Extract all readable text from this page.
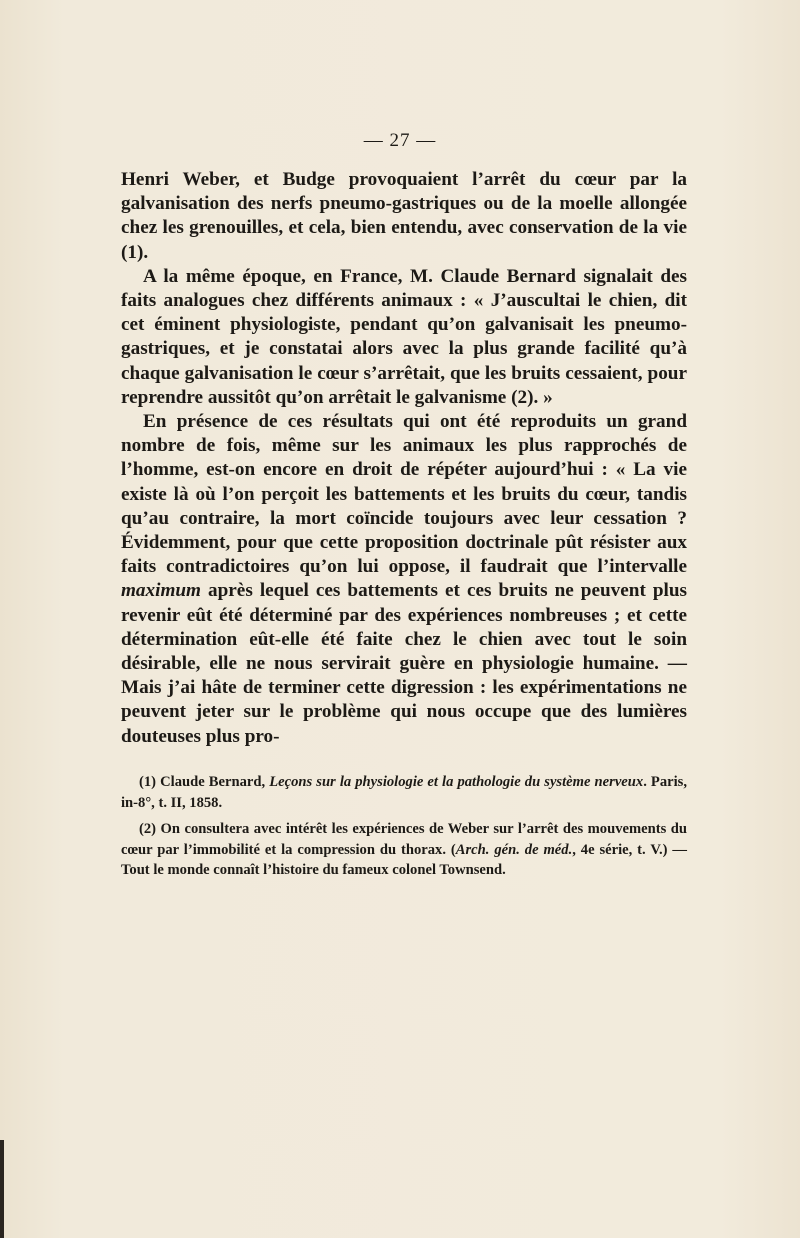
— 27 —

Henri Weber, et Budge provoquaient l’arrêt du cœur par la galvanisation des nerfs pneumo-gastriques ou de la moelle allongée chez les grenouilles, et cela, bien entendu, avec conservation de la vie (1).

A la même époque, en France, M. Claude Bernard signalait des faits analogues chez différents animaux : « J’auscultai le chien, dit cet éminent physiologiste, pendant qu’on galvanisait les pneumo-gastriques, et je constatai alors avec la plus grande facilité qu’à chaque galvanisation le cœur s’arrêtait, que les bruits cessaient, pour reprendre aussitôt qu’on arrêtait le galvanisme (2). »

En présence de ces résultats qui ont été reproduits un grand nombre de fois, même sur les animaux les plus rapprochés de l’homme, est-on encore en droit de répéter aujourd’hui : « La vie existe là où l’on perçoit les battements et les bruits du cœur, tandis qu’au contraire, la mort coïncide toujours avec leur cessation ? Évidemment, pour que cette proposition doctrinale pût résister aux faits contradictoires qu’on lui oppose, il faudrait que l’intervalle maximum après lequel ces battements et ces bruits ne peuvent plus revenir eût été déterminé par des expériences nombreuses ; et cette détermination eût-elle été faite chez le chien avec tout le soin désirable, elle ne nous servirait guère en physiologie humaine. — Mais j’ai hâte de terminer cette digression : les expérimentations ne peuvent jeter sur le problème qui nous occupe que des lumières douteuses plus pro-

(1) Claude Bernard, Leçons sur la physiologie et la pathologie du système nerveux. Paris, in-8°, t. II, 1858.

(2) On consultera avec intérêt les expériences de Weber sur l’arrêt des mouvements du cœur par l’immobilité et la compression du thorax. (Arch. gén. de méd., 4e série, t. V.) — Tout le monde connaît l’histoire du fameux colonel Townsend.
